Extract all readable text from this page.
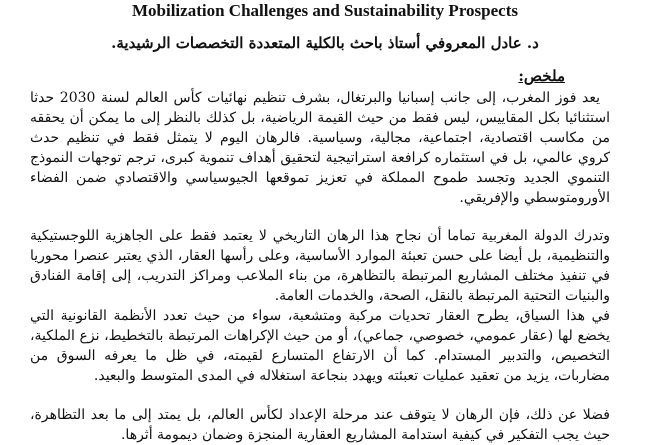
Mobilization Challenges and Sustainability Prospects
د. عادل المعروفي أستاذ باحث بالكلية المتعددة التخصصات الرشيدية.
ملخص:

يعد فوز المغرب، إلى جانب إسبانيا والبرتغال، بشرف تنظيم نهائيات كأس العالم لسنة 2030 حدثا استثنائيا بكل المقاييس، ليس فقط من حيث القيمة الرياضية، بل كذلك بالنظر إلى ما يمكن أن يحققه من مكاسب اقتصادية، اجتماعية، مجالية، وسياسية. فالرهان اليوم لا يتمثل فقط في تنظيم حدث كروي عالمي، بل في استثماره كرافعة استراتيجية لتحقيق أهداف تنموية كبرى، ترجم توجهات النموذج التنموي الجديد وتجسد طموح المملكة في تعزيز تموقعها الجيوسياسي والاقتصادي ضمن الفضاء الأورومتوسطي والإفريقي.

وتدرك الدولة المغربية تماما أن نجاح هذا الرهان التاريخي لا يعتمد فقط على الجاهزية اللوجستيكية والتنظيمية، بل أيضا على حسن تعبئة الموارد الأساسية، وعلى رأسها العقار، الذي يعتبر عنصرا محوريا في تنفيذ مختلف المشاريع المرتبطة بالتظاهرة، من بناء الملاعب ومراكز التدريب، إلى إقامة الفنادق والبنيات التحتية المرتبطة بالنقل، الصحة، والخدمات العامة.

في هذا السياق، يطرح العقار تحديات مركبة ومتشعبة، سواء من حيث تعدد الأنظمة القانونية التي يخضع لها (عقار عمومي، خصوصي، جماعي)، أو من حيث الإكراهات المرتبطة بالتخطيط، نزع الملكية، التخصيص، والتدبير المستدام. كما أن الارتفاع المتسارع لقيمته، في ظل ما يعرفه السوق من مضاربات، يزيد من تعقيد عمليات تعبئته ويهدد بنجاعة استغلاله في المدى المتوسط والبعيد.

فضلا عن ذلك، فإن الرهان لا يتوقف عند مرحلة الإعداد لكأس العالم، بل يمتد إلى ما بعد التظاهرة، حيث يجب التفكير في كيفية استدامة المشاريع العقارية المنجزة وضمان ديمومة أثرها.
